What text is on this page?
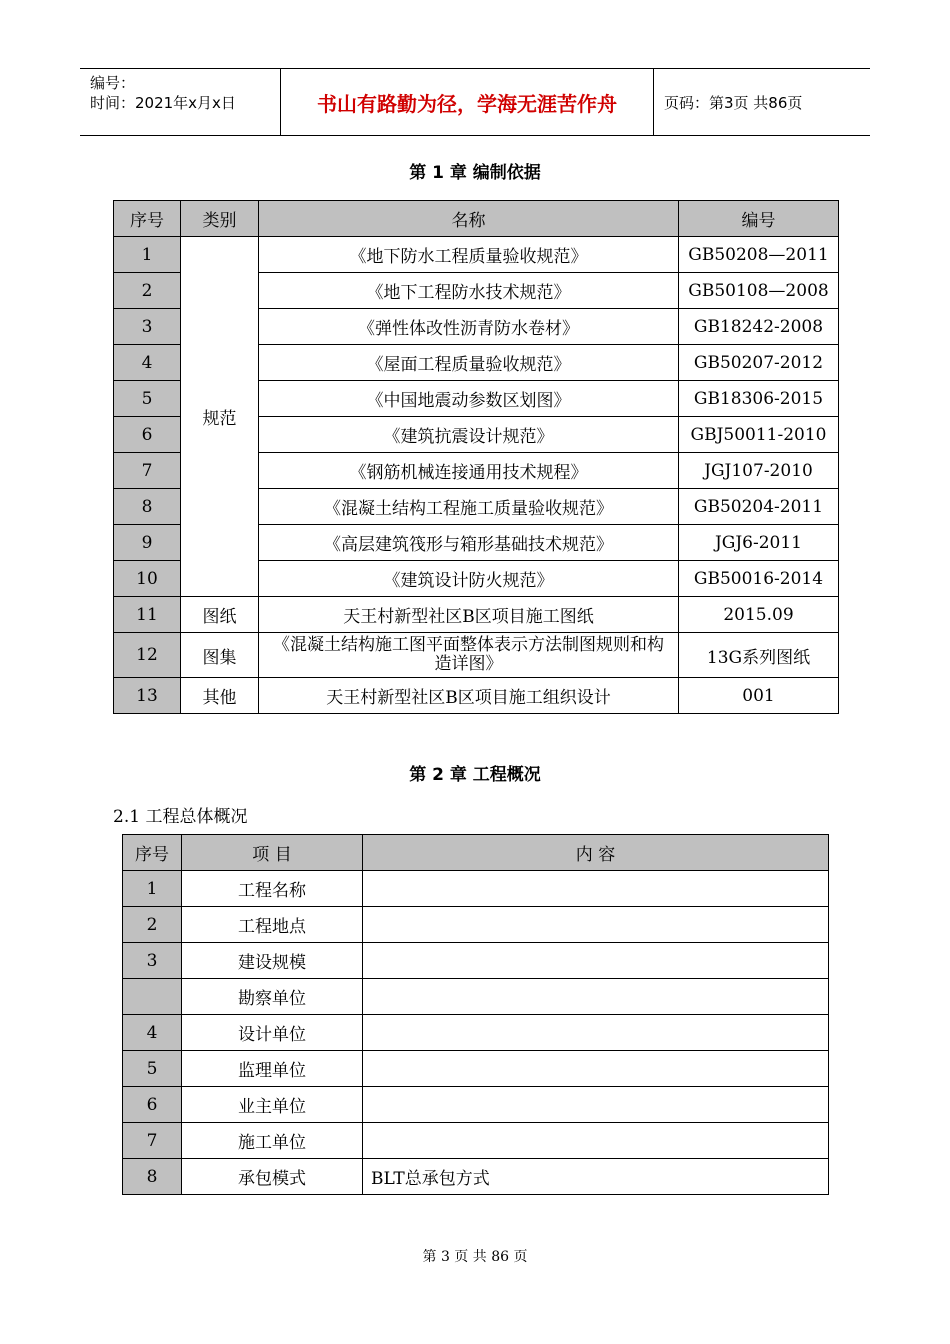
编号：
时间：2021年x月x日	书山有路勤为径，学海无涯苦作舟	页码：第3页 共86页
第 1 章 编制依据
序号	类别	名称	编号
1	规范	《地下防水工程质量验收规范》	GB50208—2011
2		《地下工程防水技术规范》	GB50108—2008
3		《弹性体改性沥青防水卷材》	GB18242-2008
4		《屋面工程质量验收规范》	GB50207-2012
5		《中国地震动参数区划图》	GB18306-2015
6		《建筑抗震设计规范》	GBJ50011-2010
7		《钢筋机械连接通用技术规程》	JGJ107-2010
8		《混凝土结构工程施工质量验收规范》	GB50204-2011
9		《高层建筑筏形与箱形基础技术规范》	JGJ6-2011
10		《建筑设计防火规范》	GB50016-2014
11	图纸	天王村新型社区B区项目施工图纸	2015.09
12	图集	《混凝土结构施工图平面整体表示方法制图规则和构造详图》	13G系列图纸
13	其他	天王村新型社区B区项目施工组织设计	001
第 2 章 工程概况
2.1 工程总体概况
序号	项 目	内 容
1	工程名称	
2	工程地点	
3	建设规模	
	勘察单位	
4	设计单位	
5	监理单位	
6	业主单位	
7	施工单位	
8	承包模式	BLT总承包方式
第 3 页 共 86 页
